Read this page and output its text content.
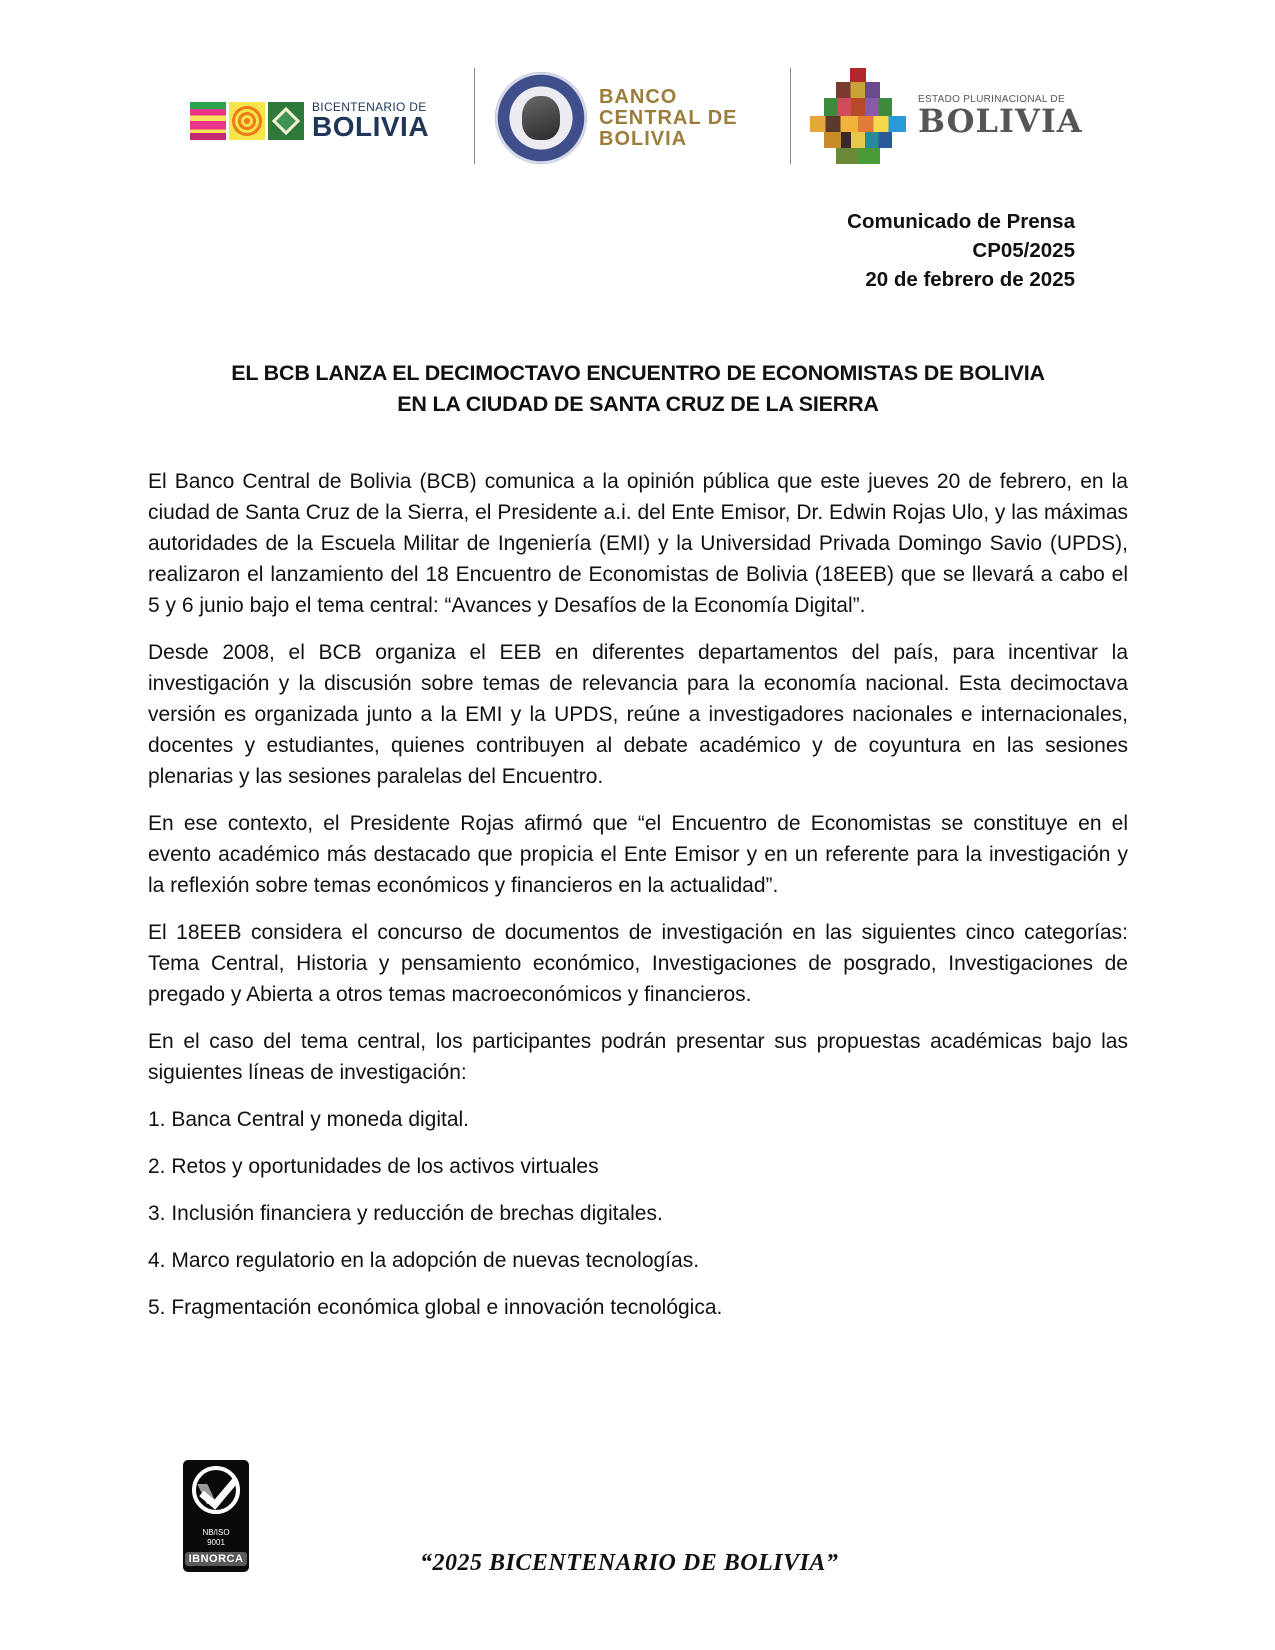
BICENTENARIO DE
BOLIVIA
BANCO
CENTRAL DE
BOLIVIA
ESTADO PLURINACIONAL DE
BOLIVIA
Comunicado de Prensa
CP05/2025
20 de febrero de 2025
EL BCB LANZA EL DECIMOCTAVO ENCUENTRO DE ECONOMISTAS DE BOLIVIA
EN LA CIUDAD DE SANTA CRUZ DE LA SIERRA

El Banco Central de Bolivia (BCB) comunica a la opinión pública que este jueves 20 de febrero, en la ciudad de Santa Cruz de la Sierra, el Presidente a.i. del Ente Emisor, Dr. Edwin Rojas Ulo, y las máximas autoridades de la Escuela Militar de Ingeniería (EMI) y la Universidad Privada Domingo Savio (UPDS), realizaron el lanzamiento del 18 Encuentro de Economistas de Bolivia (18EEB) que se llevará a cabo el 5 y 6 junio bajo el tema central: “Avances y Desafíos de la Economía Digital”.

Desde 2008, el BCB organiza el EEB en diferentes departamentos del país, para incentivar la investigación y la discusión sobre temas de relevancia para la economía nacional. Esta decimoctava versión es organizada junto a la EMI y la UPDS, reúne a investigadores nacionales e internacionales, docentes y estudiantes, quienes contribuyen al debate académico y de coyuntura en las sesiones plenarias y las sesiones paralelas del Encuentro.

En ese contexto, el Presidente Rojas afirmó que “el Encuentro de Economistas se constituye en el evento académico más destacado que propicia el Ente Emisor y en un referente para la investigación y la reflexión sobre temas económicos y financieros en la actualidad”.

El 18EEB considera el concurso de documentos de investigación en las siguientes cinco categorías: Tema Central, Historia y pensamiento económico, Investigaciones de posgrado, Investigaciones de pregado y Abierta a otros temas macroeconómicos y financieros.

En el caso del tema central, los participantes podrán presentar sus propuestas académicas bajo las siguientes líneas de investigación:

1. Banca Central y moneda digital.
2. Retos y oportunidades de los activos virtuales
3. Inclusión financiera y reducción de brechas digitales.
4. Marco regulatorio en la adopción de nuevas tecnologías.
5. Fragmentación económica global e innovación tecnológica.
NB/ISO
9001
IBNORCA	“2025 BICENTENARIO DE BOLIVIA”
